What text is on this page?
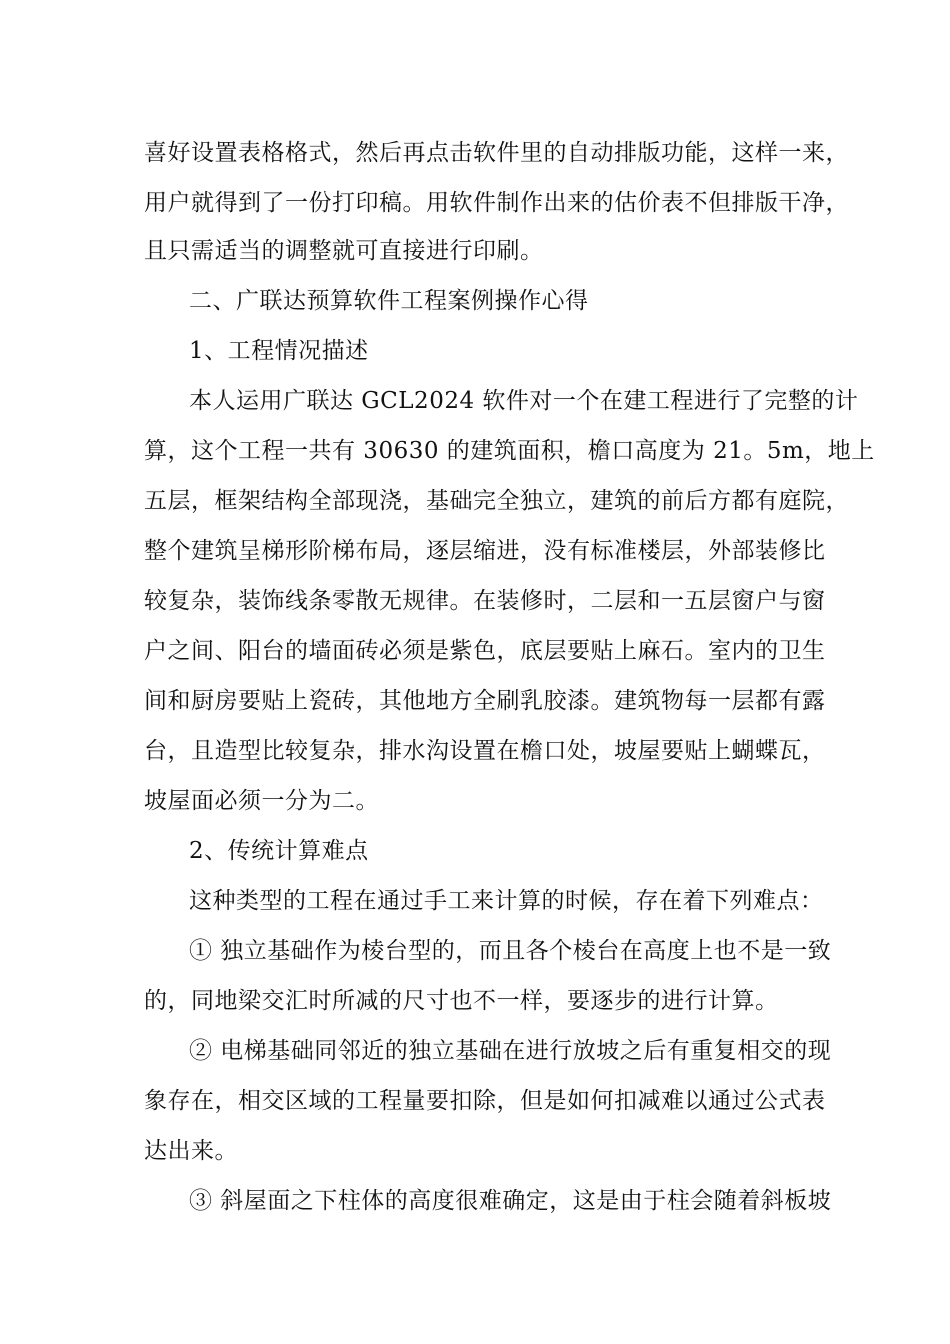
喜好设置表格格式，然后再点击软件里的自动排版功能，这样一来，
用户就得到了一份打印稿。用软件制作出来的估价表不但排版干净，
且只需适当的调整就可直接进行印刷。
二、广联达预算软件工程案例操作心得
1、工程情况描述
本人运用广联达 GCL2024 软件对一个在建工程进行了完整的计
算，这个工程一共有 30630 的建筑面积，檐口高度为 21。5m，地上
五层，框架结构全部现浇，基础完全独立，建筑的前后方都有庭院，
整个建筑呈梯形阶梯布局，逐层缩进，没有标准楼层，外部装修比
较复杂，装饰线条零散无规律。在装修时，二层和一五层窗户与窗
户之间、阳台的墙面砖必须是紫色，底层要贴上麻石。室内的卫生
间和厨房要贴上瓷砖，其他地方全刷乳胶漆。建筑物每一层都有露
台，且造型比较复杂，排水沟设置在檐口处，坡屋要贴上蝴蝶瓦，
坡屋面必须一分为二。
2、传统计算难点
这种类型的工程在通过手工来计算的时候，存在着下列难点：
① 独立基础作为棱台型的，而且各个棱台在高度上也不是一致
的，同地梁交汇时所减的尺寸也不一样，要逐步的进行计算。
② 电梯基础同邻近的独立基础在进行放坡之后有重复相交的现
象存在，相交区域的工程量要扣除，但是如何扣减难以通过公式表
达出来。
③ 斜屋面之下柱体的高度很难确定，这是由于柱会随着斜板坡
